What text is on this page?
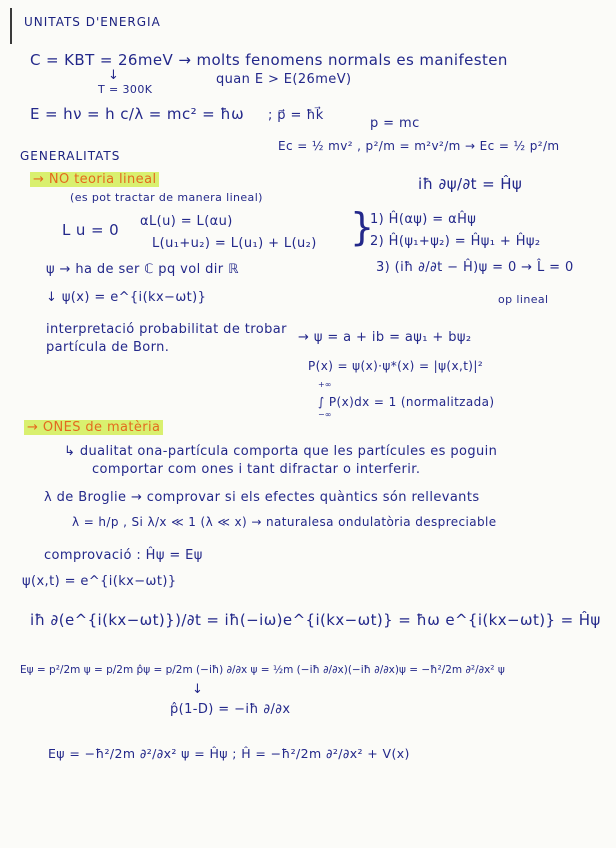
UNITATS D'ENERGIA
C = KBT = 26meV → molts fenomens normals es manifesten
↓
T = 300K
quan E > E(26meV)
E = hν = h c/λ = mc² = ħω ; p⃗ = ħk⃗
p = mc
Ec = ½ mv² , p²/m = m²v²/m → Ec = ½ p²/m
GENERALITATS
→ NO teoria lineal
(es pot tractar de manera lineal)
iħ ∂ψ/∂t = Ĥψ
L u = 0 αL(u) = L(αu)
L(u₁+u₂) = L(u₁) + L(u₂) }
1) Ĥ(αψ) = αĤψ
2) Ĥ(ψ₁+ψ₂) = Ĥψ₁ + Ĥψ₂
3) (iħ ∂/∂t − Ĥ)ψ = 0 → L̂ = 0
op lineal
ψ → ha de ser ℂ pq vol dir ℝ
↓ ψ(x) = e^{i(kx−ωt)}
interpretació probabilitat de trobar
partícula de Born.
→ ψ = a + ib = aψ₁ + bψ₂
P(x) = ψ(x)·ψ*(x) = |ψ(x,t)|²
+∞
∫ P(x)dx = 1 (normalitzada)
−∞
→ ONES de matèria
↳ dualitat ona-partícula comporta que les partícules es poguin
comportar com ones i tant difractar o interferir.
λ de Broglie → comprovar si els efectes quàntics són rellevants
λ = h/p , Si λ/x ≪ 1 (λ ≪ x) → naturalesa ondulatòria despreciable
comprovació : Ĥψ = Eψ
ψ(x,t) = e^{i(kx−ωt)}
iħ ∂(e^{i(kx−ωt)})/∂t = iħ(−iω)e^{i(kx−ωt)} = ħω e^{i(kx−ωt)} = Ĥψ
Eψ = p²/2m ψ = p/2m p̂ψ = p/2m (−iħ) ∂/∂x ψ = ½m (−iħ ∂/∂x)(−iħ ∂/∂x)ψ = −ħ²/2m ∂²/∂x² ψ
↓
p̂(1-D) = −iħ ∂/∂x
Eψ = −ħ²/2m ∂²/∂x² ψ = Ĥψ ; Ĥ = −ħ²/2m ∂²/∂x² + V(x)
